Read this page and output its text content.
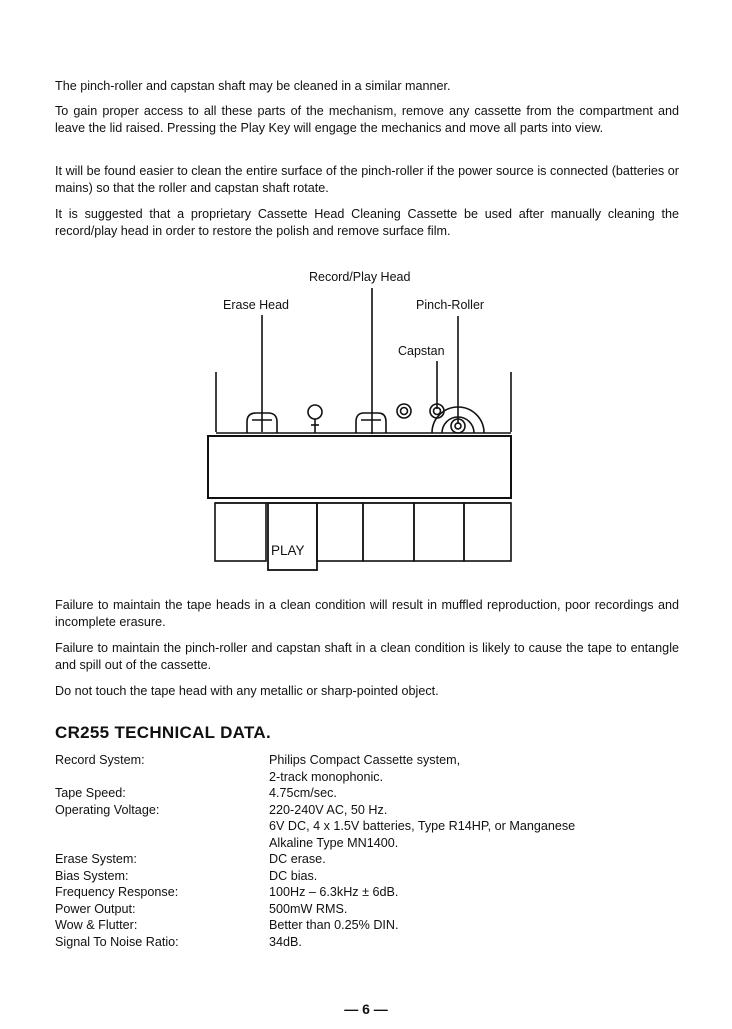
The pinch-roller and capstan shaft may be cleaned in a similar manner.

To gain proper access to all these parts of the mechanism, remove any cassette from the compartment and leave the lid raised. Pressing the Play Key will engage the mechanics and move all parts into view.

It will be found easier to clean the entire surface of the pinch-roller if the power source is connected (batteries or mains) so that the roller and capstan shaft rotate.

It is suggested that a proprietary Cassette Head Cleaning Cassette be used after manually cleaning the record/play head in order to restore the polish and remove surface film.

Record/Play Head
Erase Head	Pinch-Roller
Capstan
PLAY

Failure to maintain the tape heads in a clean condition will result in muffled reproduction, poor recordings and incomplete erasure.

Failure to maintain the pinch-roller and capstan shaft in a clean condition is likely to cause the tape to entangle and spill out of the cassette.

Do not touch the tape head with any metallic or sharp-pointed object.

CR255 TECHNICAL DATA.
Record System:	Philips Compact Cassette system,
2-track monophonic.
Tape Speed:	4.75cm/sec.
Operating Voltage:	220-240V AC, 50 Hz.
6V DC, 4 x 1.5V batteries, Type R14HP, or Manganese
Alkaline Type MN1400.
Erase System:	DC erase.
Bias System:	DC bias.
Frequency Response:	100Hz – 6.3kHz ± 6dB.
Power Output:	500mW RMS.
Wow & Flutter:	Better than 0.25% DIN.
Signal To Noise Ratio:	34dB.
— 6 —
